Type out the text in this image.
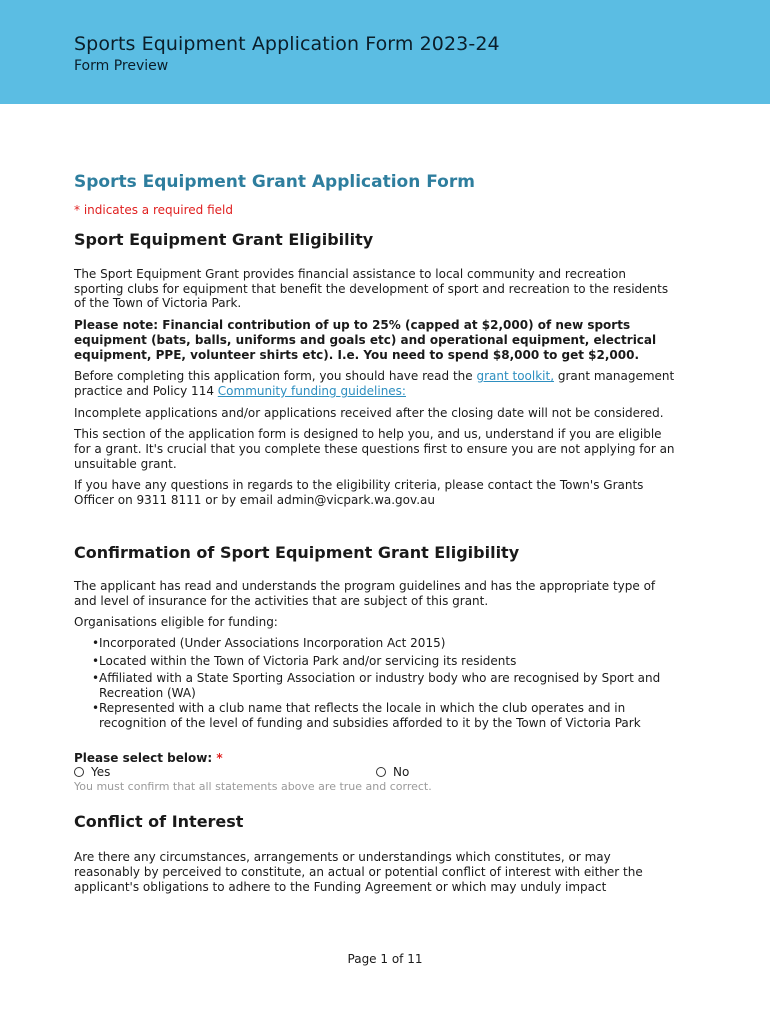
Sports Equipment Application Form 2023-24
Form Preview
Sports Equipment Grant Application Form
* indicates a required field
Sport Equipment Grant Eligibility

The Sport Equipment Grant provides financial assistance to local community and recreation sporting clubs for equipment that benefit the development of sport and recreation to the residents of the Town of Victoria Park.

Please note: Financial contribution of up to 25% (capped at $2,000) of new sports equipment (bats, balls, uniforms and goals etc) and operational equipment, electrical equipment, PPE, volunteer shirts etc). I.e. You need to spend $8,000 to get $2,000.

Before completing this application form, you should have read the grant toolkit, grant management practice and Policy 114 Community funding guidelines:

Incomplete applications and/or applications received after the closing date will not be considered.

This section of the application form is designed to help you, and us, understand if you are eligible for a grant. It's crucial that you complete these questions first to ensure you are not applying for an unsuitable grant.

If you have any questions in regards to the eligibility criteria, please contact the Town's Grants Officer on 9311 8111 or by email admin@vicpark.wa.gov.au

Confirmation of Sport Equipment Grant Eligibility

The applicant has read and understands the program guidelines and has the appropriate type of and level of insurance for the activities that are subject of this grant.

Organisations eligible for funding:

• Incorporated (Under Associations Incorporation Act 2015)
• Located within the Town of Victoria Park and/or servicing its residents
• Affiliated with a State Sporting Association or industry body who are recognised by Sport and Recreation (WA)
• Represented with a club name that reflects the locale in which the club operates and in recognition of the level of funding and subsidies afforded to it by the Town of Victoria Park

Please select below: *

Yes	No
You must confirm that all statements above are true and correct.
Conflict of Interest

Are there any circumstances, arrangements or understandings which constitutes, or may reasonably by perceived to constitute, an actual or potential conflict of interest with either the applicant's obligations to adhere to the Funding Agreement or which may unduly impact

Page 1 of 11
